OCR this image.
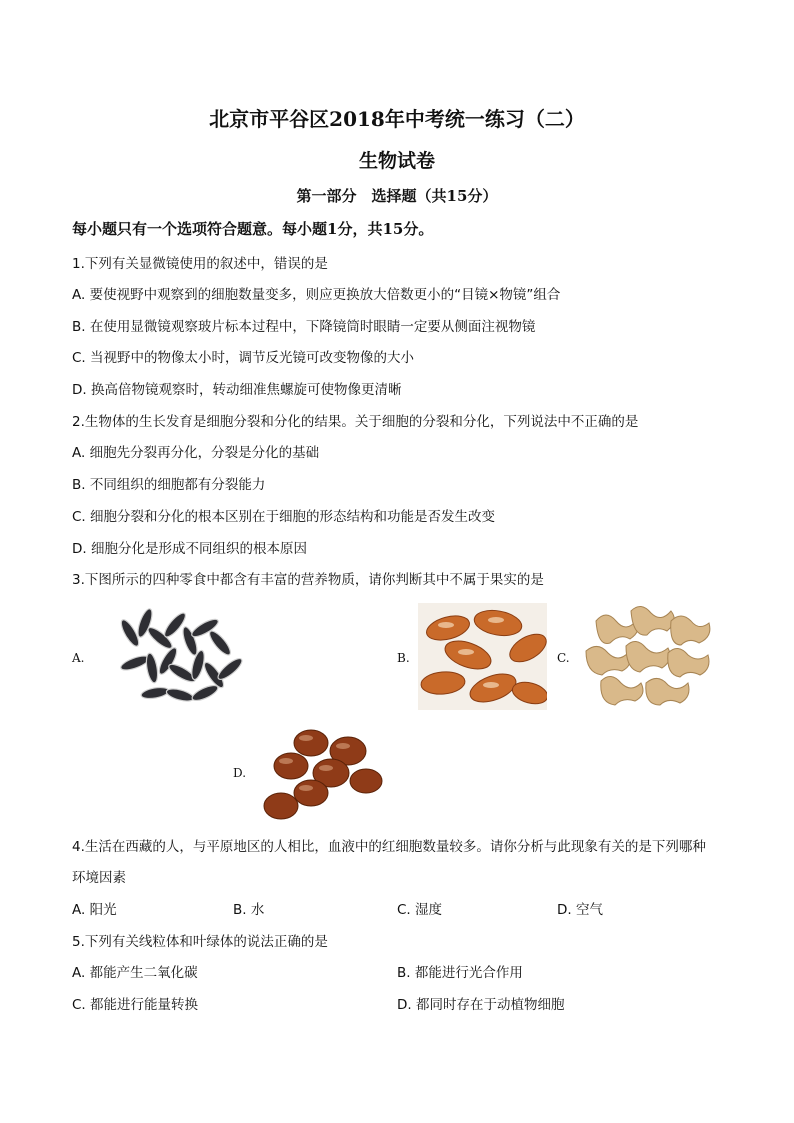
北京市平谷区2018年中考统一练习（二）
生物试卷
第一部分　选择题（共15分）
每小题只有一个选项符合题意。每小题1分，共15分。
1.下列有关显微镜使用的叙述中，错误的是
A. 要使视野中观察到的细胞数量变多，则应更换放大倍数更小的“目镜×物镜”组合
B. 在使用显微镜观察玻片标本过程中，下降镜筒时眼睛一定要从侧面注视物镜
C. 当视野中的物像太小时，调节反光镜可改变物像的大小
D. 换高倍物镜观察时，转动细准焦螺旋可使物像更清晰
2.生物体的生长发育是细胞分裂和分化的结果。关于细胞的分裂和分化，下列说法中不正确的是
A. 细胞先分裂再分化，分裂是分化的基础
B. 不同组织的细胞都有分裂能力
C. 细胞分裂和分化的根本区别在于细胞的形态结构和功能是否发生改变
D. 细胞分化是形成不同组织的根本原因
3.下图所示的四种零食中都含有丰富的营养物质，请你判断其中不属于果实的是
A.	B.	C.
D.
4.生活在西藏的人，与平原地区的人相比，血液中的红细胞数量较多。请你分析与此现象有关的是下列哪种
环境因素
A. 阳光	B. 水	C. 湿度	D. 空气
5.下列有关线粒体和叶绿体的说法正确的是
A. 都能产生二氧化碳	B. 都能进行光合作用
C. 都能进行能量转换	D. 都同时存在于动植物细胞
